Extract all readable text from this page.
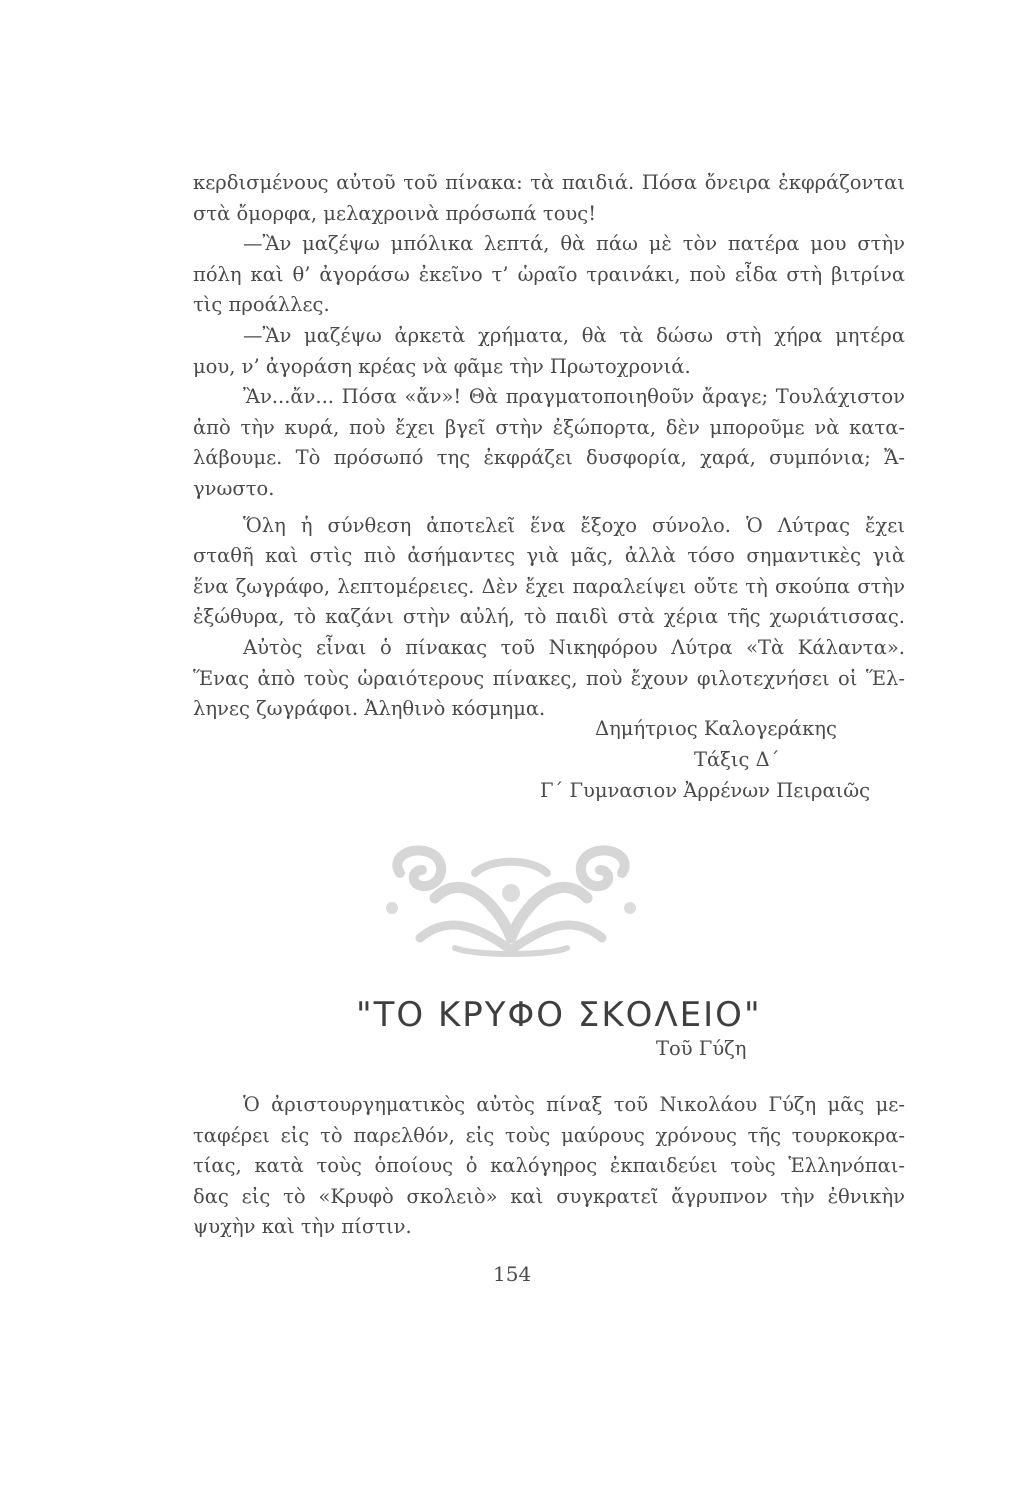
κερδισμένους αὐτοῦ τοῦ πίνακα: τὰ παιδιά. Πόσα ὄνειρα ἐκφράζονται
στὰ ὄμορφα, μελαχροινὰ πρόσωπά τους!
—Ἂν μαζέψω μπόλικα λεπτά, θὰ πάω μὲ τὸν πατέρα μου στὴν
πόλη καὶ θ’ ἀγοράσω ἐκεῖνο τ’ ὡραῖο τραινάκι, ποὺ εἶδα στὴ βιτρίνα
τὶς προάλλες.
—Ἂν μαζέψω ἀρκετὰ χρήματα, θὰ τὰ δώσω στὴ χήρα μητέρα
μου, ν’ ἀγοράση κρέας νὰ φᾶμε τὴν Πρωτοχρονιά.
Ἂν...ἄν... Πόσα «ἄν»! Θὰ πραγματοποιηθοῦν ἄραγε; Τουλάχιστον
ἀπὸ τὴν κυρά, ποὺ ἔχει βγεῖ στὴν ἐξώπορτα, δὲν μποροῦμε νὰ κατα-
λάβουμε. Τὸ πρόσωπό της ἐκφράζει δυσφορία, χαρά, συμπόνια; Ἄ-
γνωστο.
Ὅλη ἡ σύνθεση ἀποτελεῖ ἕνα ἔξοχο σύνολο. Ὁ Λύτρας ἔχει
σταθῆ καὶ στὶς πιὸ ἀσήμαντες γιὰ μᾶς, ἀλλὰ τόσο σημαντικὲς γιὰ
ἕνα ζωγράφο, λεπτομέρειες. Δὲν ἔχει παραλείψει οὔτε τὴ σκούπα στὴν
ἐξώθυρα, τὸ καζάνι στὴν αὐλή, τὸ παιδὶ στὰ χέρια τῆς χωριάτισσας.
Αὐτὸς εἶναι ὁ πίνακας τοῦ Νικηφόρου Λύτρα «Τὰ Κάλαντα».
Ἕνας ἀπὸ τοὺς ὡραιότερους πίνακες, ποὺ ἔχουν φιλοτεχνήσει οἱ Ἕλ-
ληνες ζωγράφοι. Ἀληθινὸ κόσμημα.
Δημήτριος Καλογεράκης
Τάξις Δ΄
Γ΄ Γυμνασιον Ἀρρένων Πειραιῶς
"ΤΟ ΚΡΥΦΟ ΣΚΟΛΕΙΟ"
Τοῦ Γύζη
Ὁ ἀριστουργηματικὸς αὐτὸς πίναξ τοῦ Νικολάου Γύζη μᾶς με-
ταφέρει εἰς τὸ παρελθόν, εἰς τοὺς μαύρους χρόνους τῆς τουρκοκρα-
τίας, κατὰ τοὺς ὁποίους ὁ καλόγηρος ἐκπαιδεύει τοὺς Ἑλληνόπαι-
δας εἰς τὸ «Κρυφὸ σκολειὸ» καὶ συγκρατεῖ ἄγρυπνον τὴν ἐθνικὴν
ψυχὴν καὶ τὴν πίστιν.
154
